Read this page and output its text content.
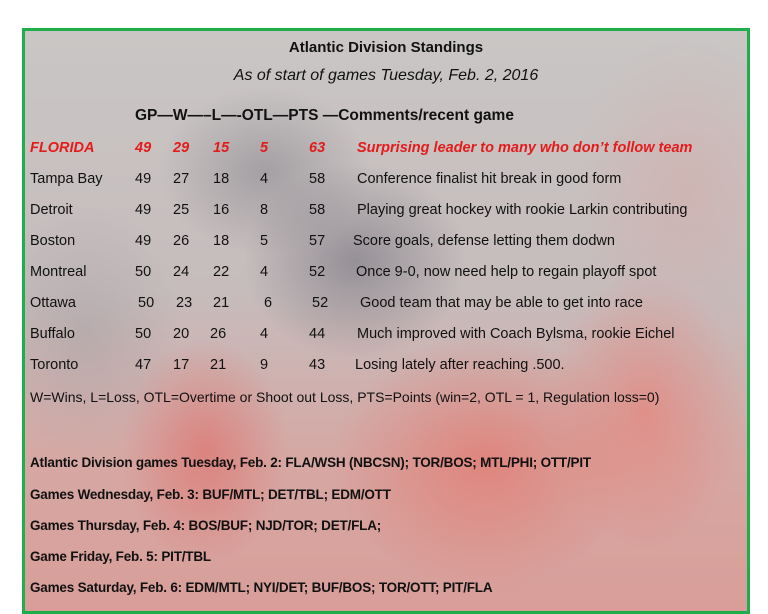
Atlantic Division Standings
As of start of games Tuesday, Feb. 2, 2016
GP—W—–L—-OTL—PTS —Comments/recent game
FLORIDA	49 29 15 5	63 Surprising leader to many who don’t follow team
Tampa Bay 49 27 18 4	58 Conference finalist hit break in good form
Detroit	49 25 16 8	58 Playing great hockey with rookie Larkin contributing
Boston	49 26 18 5	57 Score goals, defense letting them dodwn
Montreal	50 24 22 4	52 Once 9-0, now need help to regain playoff spot
Ottawa	50 23 21 6	52 Good team that may be able to get into race
Buffalo	50 20 26 4	44 Much improved with Coach Bylsma, rookie Eichel
Toronto	47 17 21 9	43 Losing lately after reaching .500.
W=Wins, L=Loss, OTL=Overtime or Shoot out Loss, PTS=Points (win=2, OTL = 1, Regulation loss=0)
Atlantic Division games Tuesday, Feb. 2: FLA/WSH (NBCSN); TOR/BOS; MTL/PHI; OTT/PIT
Games Wednesday, Feb. 3: BUF/MTL; DET/TBL; EDM/OTT
Games Thursday, Feb. 4: BOS/BUF; NJD/TOR; DET/FLA;
Game Friday, Feb. 5: PIT/TBL
Games Saturday, Feb. 6: EDM/MTL; NYI/DET; BUF/BOS; TOR/OTT; PIT/FLA
